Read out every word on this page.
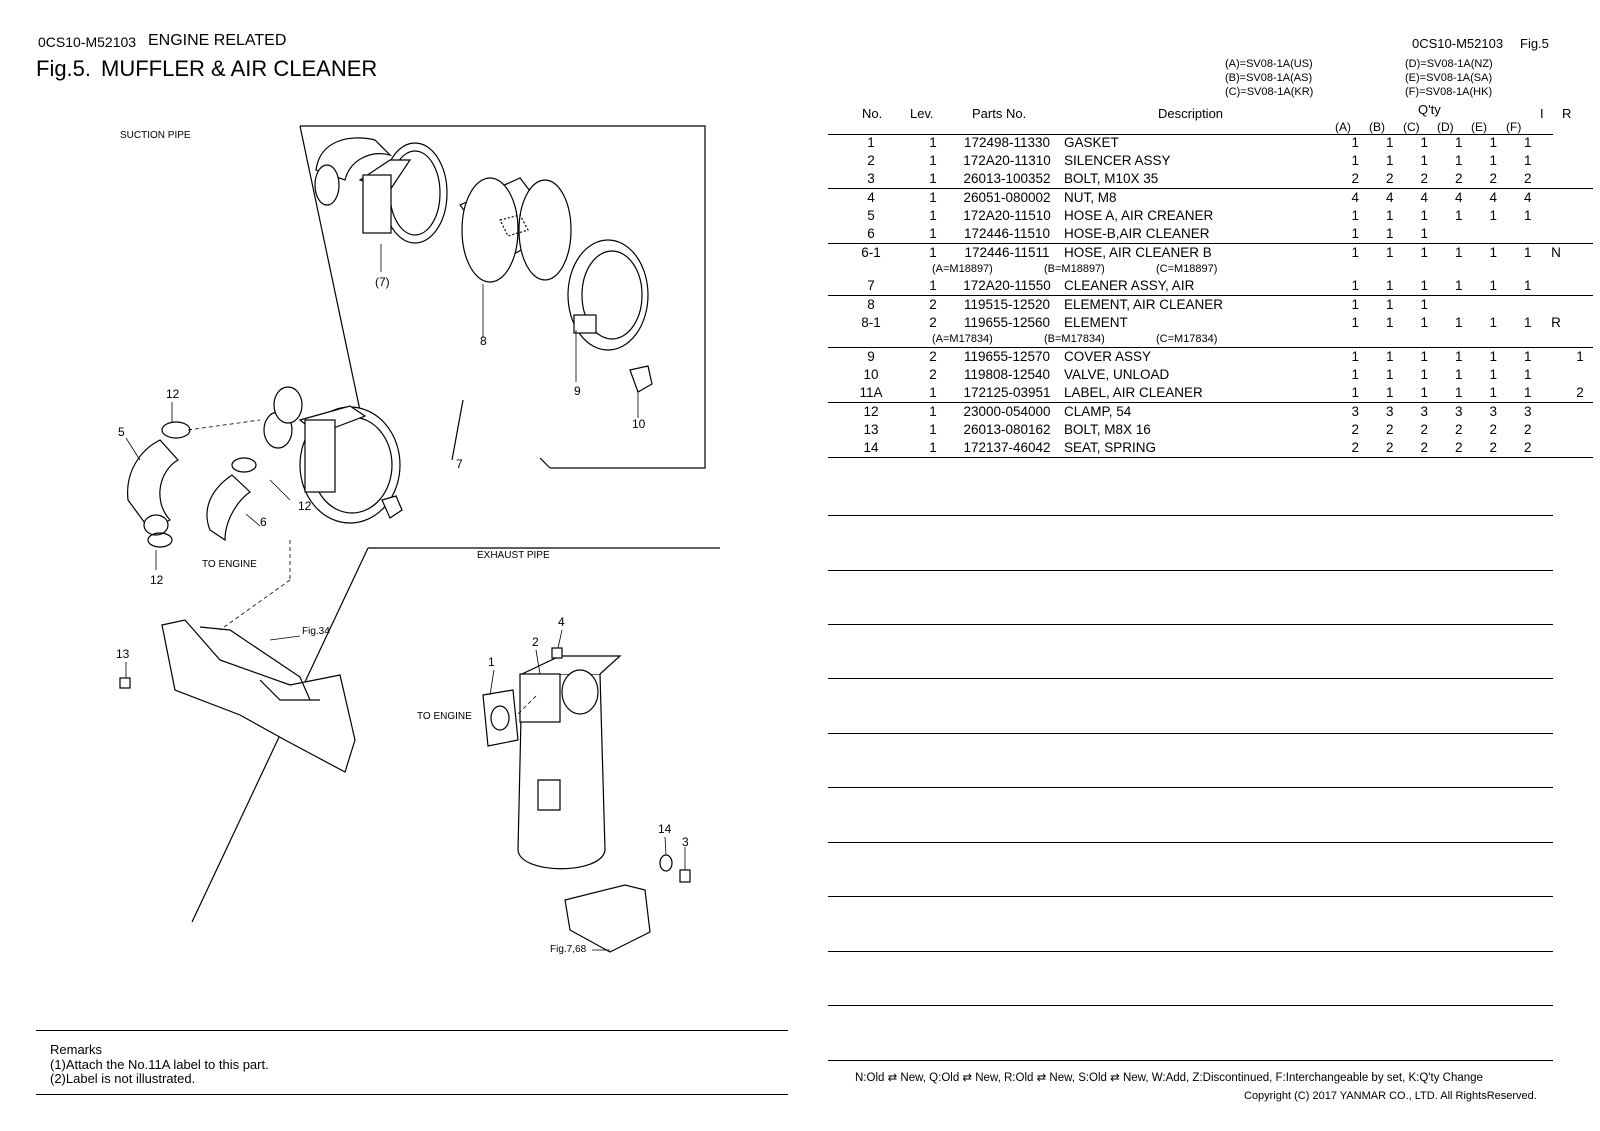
0CS10-M52103 ENGINE RELATED
Fig.5. MUFFLER & AIR CLEANER
0CS10-M52103 Fig.5
(A)=SV08-1A(US)
(B)=SV08-1A(AS)
(C)=SV08-1A(KR)
(D)=SV08-1A(NZ)
(E)=SV08-1A(SA)
(F)=SV08-1A(HK)
No. Lev.	Parts No.	Description	Q'ty	I R
(A) (B) (C) (D) (E) (F)
1	1	172498-11330	GASKET	1	1	1	1	1	1		
2	1	172A20-11310	SILENCER ASSY	1	1	1	1	1	1		
3	1	26013-100352	BOLT, M10X 35	2	2	2	2	2	2		
4	1	26051-080002	NUT, M8	4	4	4	4	4	4		
5	1	172A20-11510	HOSE A, AIR CREANER	1	1	1	1	1	1		
6	1	172446-11510	HOSE-B,AIR CLEANER	1	1	1					
6-1	1	172446-11511	HOSE, AIR CLEANER B	1	1	1	1	1	1	N	
	(A=M18897) (B=M18897) (C=M18897)										
7	1	172A20-11550	CLEANER ASSY, AIR	1	1	1	1	1	1		
8	2	119515-12520	ELEMENT, AIR CLEANER	1	1	1					
8-1	2	119655-12560	ELEMENT	1	1	1	1	1	1	R	
	(A=M17834) (B=M17834) (C=M17834)										
9	2	119655-12570	COVER ASSY	1	1	1	1	1	1		1
10	2	119808-12540	VALVE, UNLOAD	1	1	1	1	1	1		
11A	1	172125-03951	LABEL, AIR CLEANER	1	1	1	1	1	1		2
12	1	23000-054000	CLAMP, 54	3	3	3	3	3	3		
13	1	26013-080162	BOLT, M8X 16	2	2	2	2	2	2		
14	1	172137-46042	SEAT, SPRING	2	2	2	2	2	2		
N:Old ⇄ New, Q:Old ⇄ New, R:Old ⇄ New, S:Old ⇄ New, W:Add, Z:Discontinued, F:Interchangeable by set, K:Q'ty Change
Copyright (C) 2017 YANMAR CO., LTD. All RightsReserved.
Remarks
(1)Attach the No.11A label to this part.
(2)Label is not illustrated.
SUCTION PIPE
EXHAUST PIPE
TO ENGINE
TO ENGINE
Fig.34
Fig.7,68
(7)
8
9
10
7
12
5
6
12
12
13
1
2
4
14
3
